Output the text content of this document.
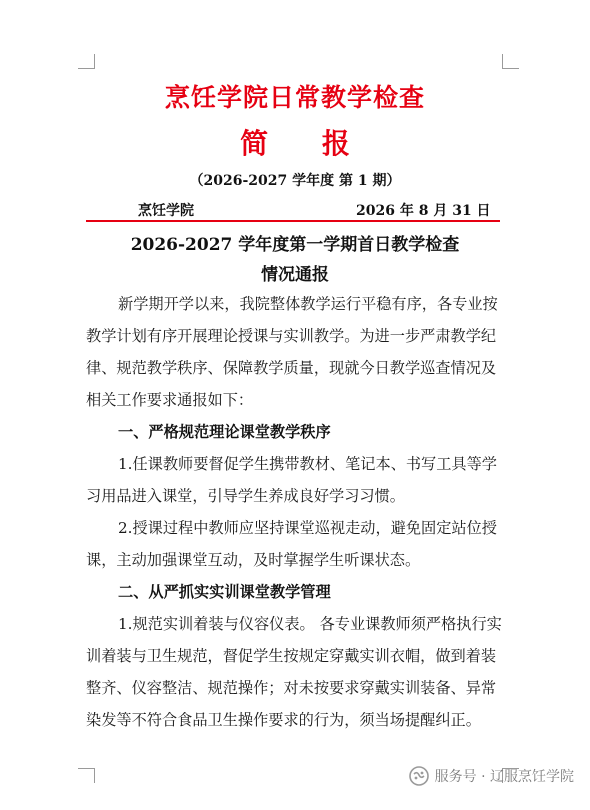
烹饪学院日常教学检查
简 报
（2026-2027 学年度 第 1 期）
烹饪学院	2026 年 8 月 31 日
2026-2027 学年度第一学期首日教学检查
情况通报

新学期开学以来，我院整体教学运行平稳有序，各专业按教学计划有序开展理论授课与实训教学。为进一步严肃教学纪律、规范教学秩序、保障教学质量，现就今日教学巡查情况及相关工作要求通报如下：

一、严格规范理论课堂教学秩序

1.任课教师要督促学生携带教材、笔记本、书写工具等学习用品进入课堂，引导学生养成良好学习习惯。

2.授课过程中教师应坚持课堂巡视走动，避免固定站位授课，主动加强课堂互动，及时掌握学生听课状态。

二、从严抓实实训课堂教学管理

1.规范实训着装与仪容仪表。 各专业课教师须严格执行实训着装与卫生规范，督促学生按规定穿戴实训衣帽，做到着装整齐、仪容整洁、规范操作；对未按要求穿戴实训装备、异常染发等不符合食品卫生操作要求的行为，须当场提醒纠正。

服务号 · 辽服烹饪学院
